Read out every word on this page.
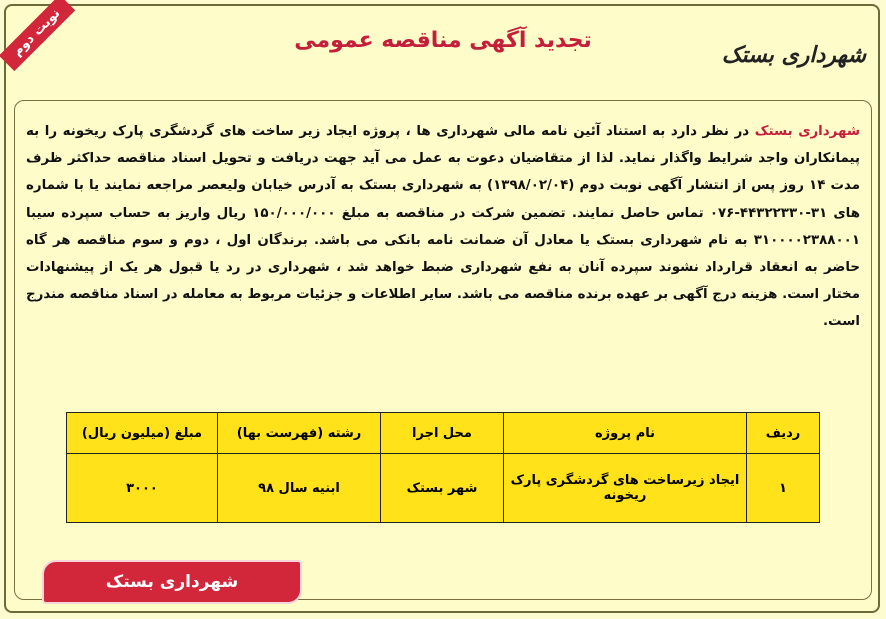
نوبت دوم	تجدید آگهی مناقصه عمومی
شهرداری بستک
شهرداری بستک در نظر دارد به استناد آئین نامه مالی شهرداری ها ، پروژه ایجاد زیر ساخت های گردشگری پارک ریخونه را به پیمانکاران واجد شرایط واگذار نماید. لذا از متقاضیان دعوت به عمل می آید جهت دریافت و تحویل اسناد مناقصه حداکثر ظرف مدت ۱۴ روز پس از انتشار آگهی نوبت دوم (۱۳۹۸/۰۲/۰۴) به شهرداری بستک به آدرس خیابان ولیعصر مراجعه نمایند یا با شماره های ۳۱-۴۴۳۲۲۳۳۰-۰۷۶ تماس حاصل نمایند. تضمین شرکت در مناقصه به مبلغ ۱۵۰/۰۰۰/۰۰۰ ریال واریز به حساب سپرده سیبا ۳۱۰۰۰۰۲۳۸۸۰۰۱ به نام شهرداری بستک یا معادل آن ضمانت نامه بانکی می باشد. برندگان اول ، دوم و سوم مناقصه هر گاه حاضر به انعقاد قرارداد نشوند سپرده آنان به نفع شهرداری ضبط خواهد شد ، شهرداری در رد یا قبول هر یک از پیشنهادات مختار است. هزینه درج آگهی بر عهده برنده مناقصه می باشد. سایر اطلاعات و جزئیات مربوط به معامله در اسناد مناقصه مندرج است.
ردیف	نام پروژه	محل اجرا	رشته (فهرست بها)	مبلغ (میلیون ریال)
۱	ایجاد زیرساخت های گردشگری پارک ریخونه	شهر بستک	ابنیه سال ۹۸	۳۰۰۰
شهرداری بستک
